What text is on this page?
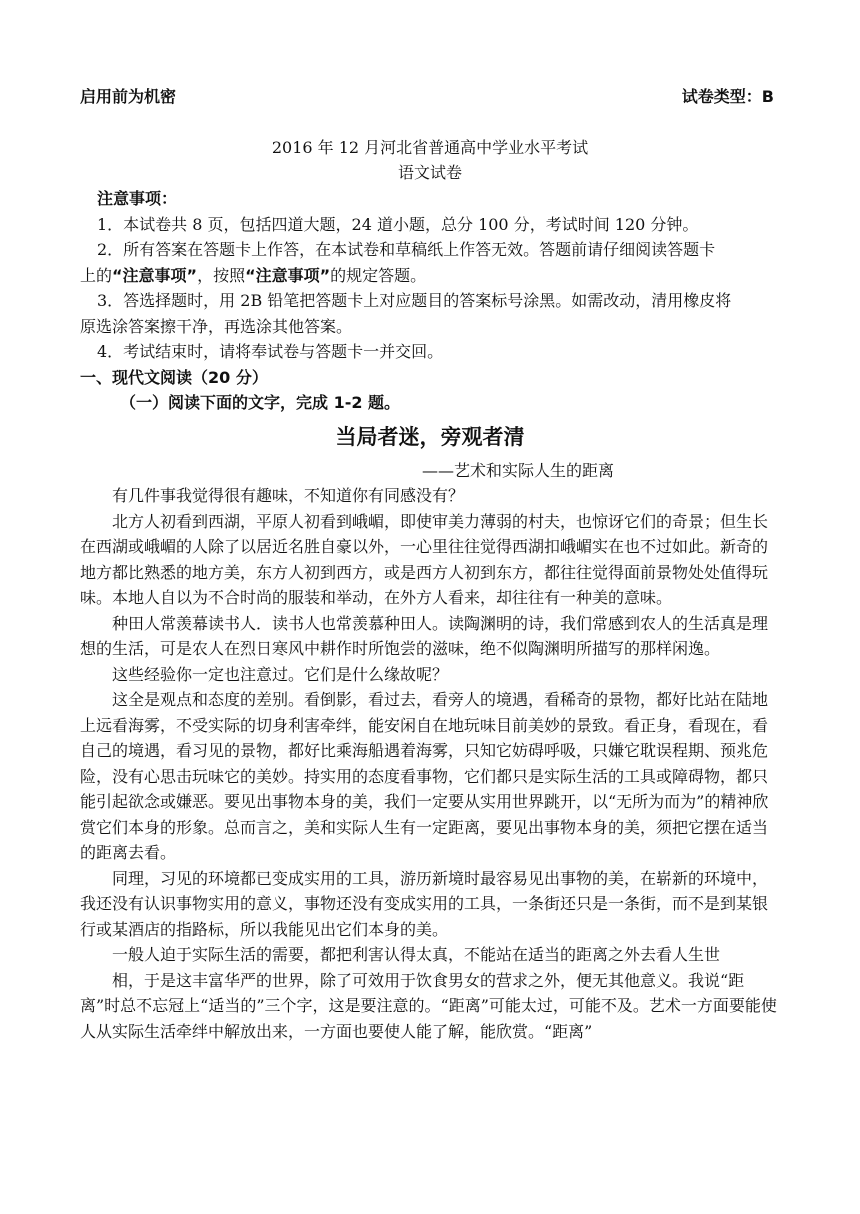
启用前为机密	试卷类型：B
2016 年 12 月河北省普通高中学业水平考试
语文试卷

注意事项：

1．本试卷共 8 页，包括四道大题，24 道小题，总分 100 分，考试时间 120 分钟。

2．所有答案在答题卡上作答，在本试卷和草稿纸上作答无效。答题前请仔细阅读答题卡

上的“注意事项”，按照“注意事项”的规定答题。

3．答选择题时，用 2B 铅笔把答题卡上对应题目的答案标号涂黑。如需改动，清用橡皮将

原选涂答案擦干净，再选涂其他答案。

4．考试结束时，请将奉试卷与答题卡一并交回。

一、现代文阅读（20 分）

（一）阅读下面的文字，完成 1-2 题。

当局者迷，旁观者清

——艺术和实际人生的距离

有几件事我觉得很有趣味，不知道你有同感没有？

北方人初看到西湖，平原人初看到峨嵋，即使审美力薄弱的村夫，也惊讶它们的奇景；但生长在西湖或峨嵋的人除了以居近名胜自豪以外，一心里往往觉得西湖扣峨嵋实在也不过如此。新奇的地方都比熟悉的地方美，东方人初到西方，或是西方人初到东方，都往往觉得面前景物处处值得玩味。本地人自以为不合时尚的服装和举动，在外方人看来，却往往有一种美的意味。

种田人常羡幕读书人．读书人也常羡慕种田人。读陶渊明的诗，我们常感到农人的生活真是理想的生活，可是农人在烈日寒风中耕作时所饱尝的滋味，绝不似陶渊明所描写的那样闲逸。

这些经验你一定也注意过。它们是什么缘故呢？

这全是观点和态度的差别。看倒影，看过去，看旁人的境遇，看稀奇的景物，都好比站在陆地上远看海雾，不受实际的切身利害牵绊，能安闲自在地玩味目前美妙的景致。看正身，看现在，看自己的境遇，看习见的景物，都好比乘海船遇着海雾，只知它妨碍呼吸，只嫌它耽误程期、预兆危险，没有心思击玩味它的美妙。持实用的态度看事物，它们都只是实际生活的工具或障碍物，都只能引起欲念或嫌恶。要见出事物本身的美，我们一定要从实用世界跳开，以“无所为而为”的精神欣赏它们本身的形象。总而言之，美和实际人生有一定距离，要见出事物本身的美，须把它摆在适当的距离去看。

同理，习见的环境都已变成实用的工具，游历新境时最容易见出事物的美，在崭新的环境中，我还没有认识事物实用的意义，事物还没有变成实用的工具，一条街还只是一条街，而不是到某银行或某酒店的指路标，所以我能见出它们本身的美。

一般人迫于实际生活的需要，都把利害认得太真，不能站在适当的距离之外去看人生世

相，于是这丰富华严的世界，除了可效用于饮食男女的营求之外，便无其他意义。我说“距离”时总不忘冠上“适当的”三个字，这是要注意的。“距离”可能太过，可能不及。艺术一方面要能使人从实际生活牵绊中解放出来，一方面也要使人能了解，能欣赏。“距离”
